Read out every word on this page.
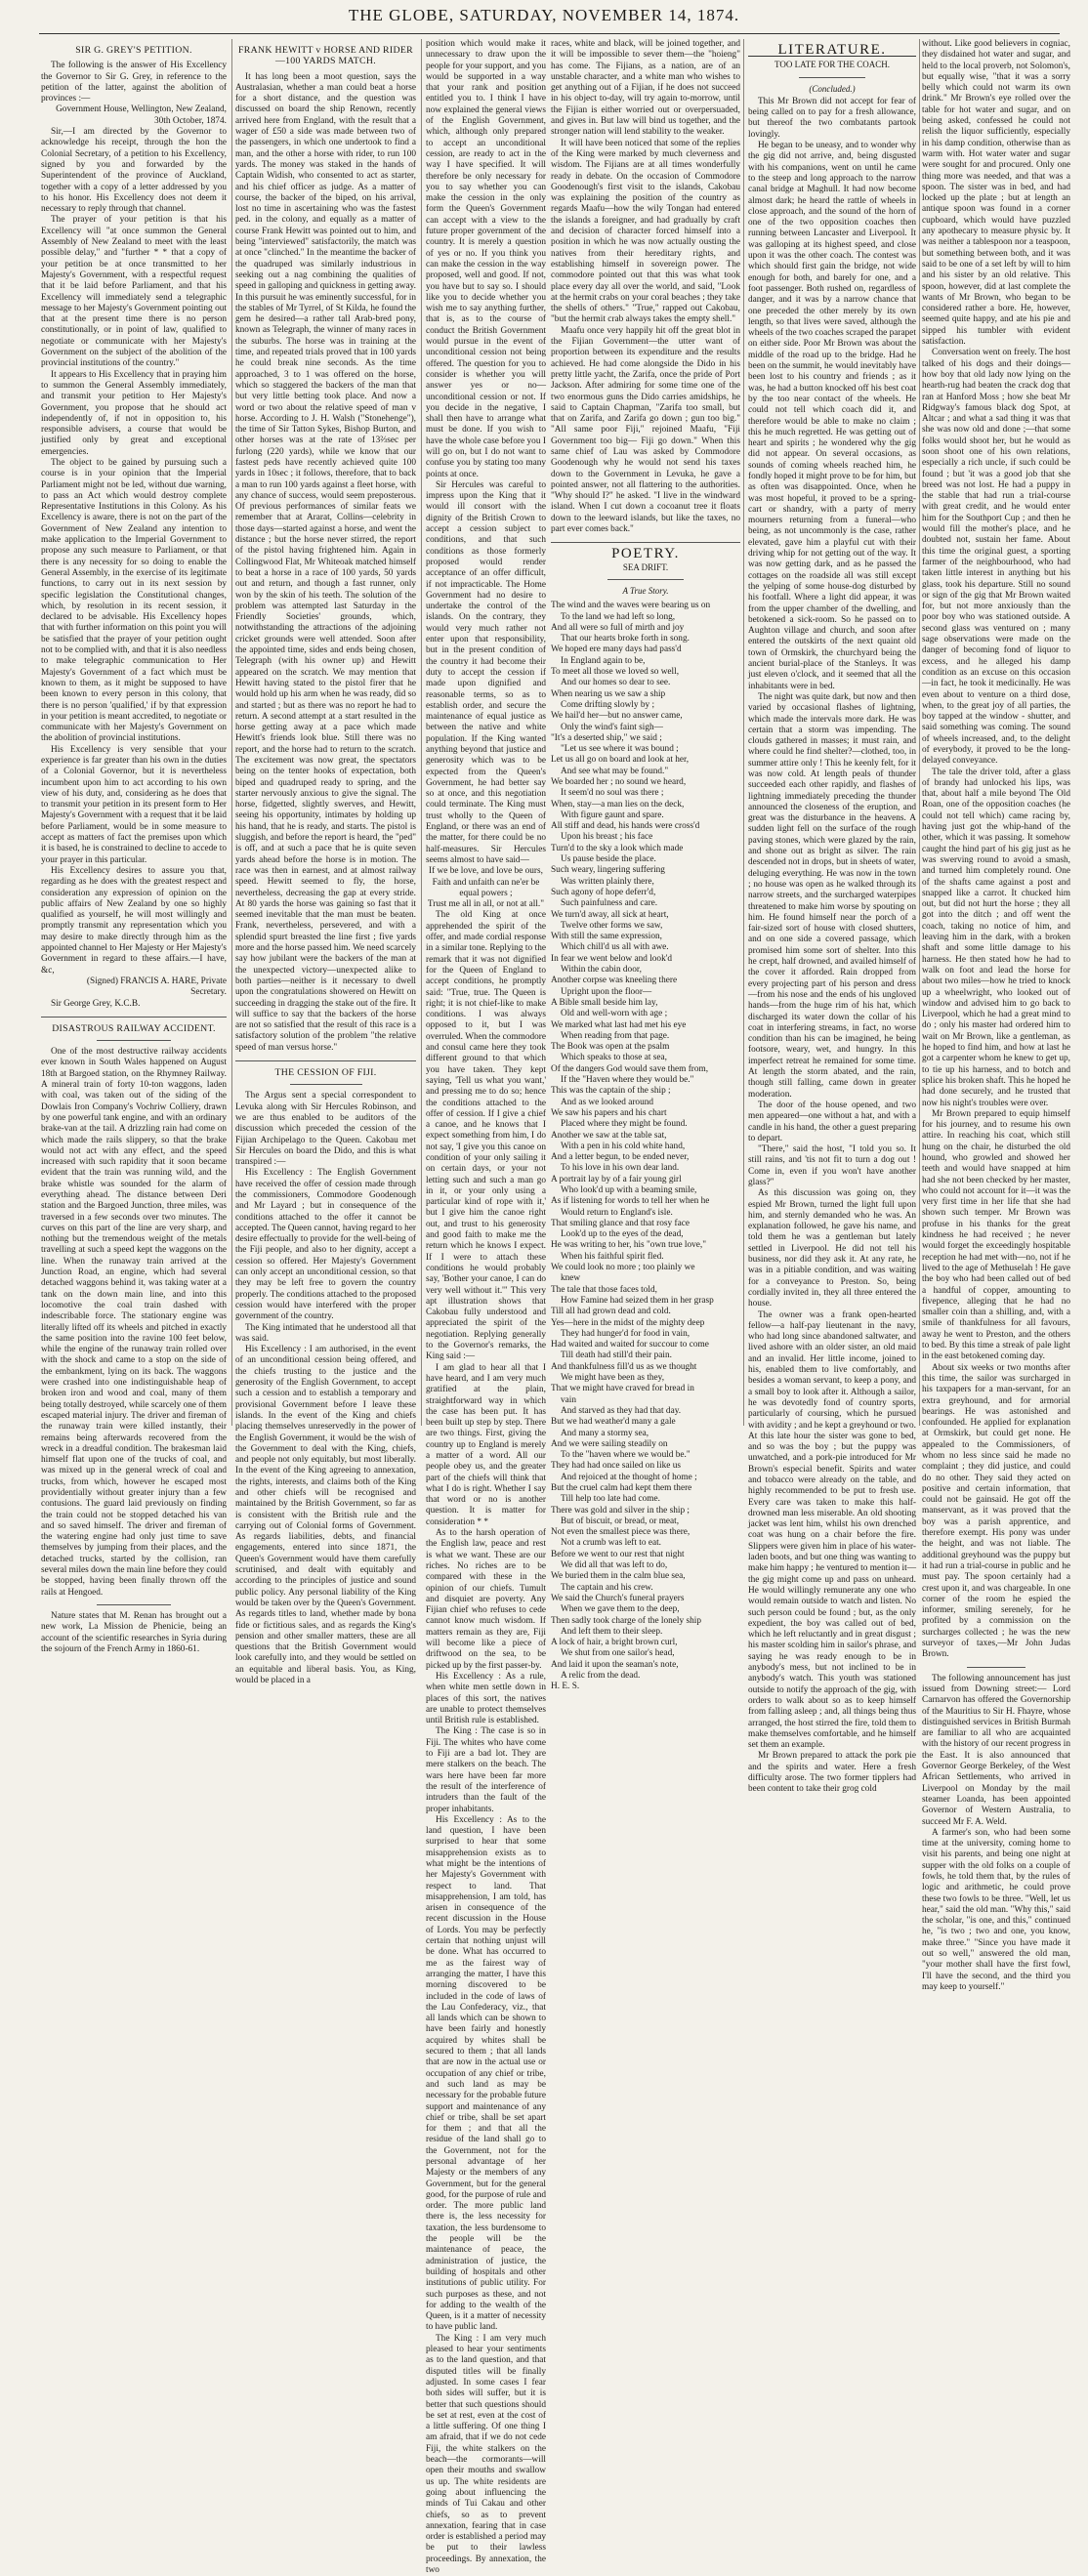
THE GLOBE, SATURDAY, NOVEMBER 14, 1874.
SIR G. GREY'S PETITION.

The following is the answer of His Excellency the Governor to Sir G. Grey, in reference to the petition of the latter, against the abolition of provinces :—

Government House, Wellington, New Zealand, 30th October, 1874.

Sir,—I am directed by the Governor to acknowledge his receipt, through the hon the Colonial Secretary, of a petition to his Excellency, signed by you and forwarded by the Superintendent of the province of Auckland, together with a copy of a letter addressed by you to his honor. His Excellency does not deem it necessary to reply through that channel.

The prayer of your petition is that his Excellency will "at once summon the General Assembly of New Zealand to meet with the least possible delay," and "further * * that a copy of your petition be at once transmitted to her Majesty's Government, with a respectful request that it be laid before Parliament, and that his Excellency will immediately send a telegraphic message to her Majesty's Government pointing out that at the present time there is no person constitutionally, or in point of law, qualified to negotiate or communicate with her Majesty's Government on the subject of the abolition of the provincial institutions of the country."

It appears to His Excellency that in praying him to summon the General Assembly immediately, and transmit your petition to Her Majesty's Government, you propose that he should act independently of, if not in opposition to, his responsible advisers, a course that would be justified only by great and exceptional emergencies.

The object to be gained by pursuing such a course is in your opinion that the Imperial Parliament might not be led, without due warning, to pass an Act which would destroy complete Representative Institutions in this Colony. As his Excellency is aware, there is not on the part of the Government of New Zealand any intention to make application to the Imperial Government to propose any such measure to Parliament, or that there is any necessity for so doing to enable the General Assembly, in the exercise of its legitimate functions, to carry out in its next session by specific legislation the Constitutional changes, which, by resolution in its recent session, it declared to be advisable. His Excellency hopes that with further information on this point you will be satisfied that the prayer of your petition ought not to be complied with, and that it is also needless to make telegraphic communication to Her Majesty's Government of a fact which must be known to them, as it might be supposed to have been known to every person in this colony, that there is no person 'qualified,' if by that expression in your petition is meant accredited, to negotiate or communicate with her Majesty's Government on the abolition of provincial institutions.

His Excellency is very sensible that your experience is far greater than his own in the duties of a Colonial Governor, but it is nevertheless incumbent upon him to act according to his own view of his duty, and, considering as he does that to transmit your petition in its present form to Her Majesty's Government with a request that it be laid before Parliament, would be in some measure to accept as matters of fact the premises upon which it is based, he is constrained to decline to accede to your prayer in this particular.

His Excellency desires to assure you that, regarding as he does with the greatest respect and consideration any expression of opinion on the public affairs of New Zealand by one so highly qualified as yourself, he will most willingly and promptly transmit any representation which you may desire to make directly through him as the appointed channel to Her Majesty or Her Majesty's Government in regard to these affairs.—I have, &c,

(Signed) FRANCIS A. HARE, Private Secretary.

Sir George Grey, K.C.B.

DISASTROUS RAILWAY ACCIDENT.

One of the most destructive railway accidents ever known in South Wales happened on August 18th at Bargoed station, on the Rhymney Railway. A mineral train of forty 10-ton waggons, laden with coal, was taken out of the siding of the Dowlais Iron Company's Vochriw Colliery, drawn by one powerful tank engine, and with an ordinary brake-van at the tail. A drizzling rain had come on which made the rails slippery, so that the brake would not act with any effect, and the speed increased with such rapidity that it soon became evident that the train was running wild, and the brake whistle was sounded for the alarm of everything ahead. The distance between Deri station and the Bargoed Junction, three miles, was traversed in a few seconds over two minutes. The curves on this part of the line are very sharp, and nothing but the tremendous weight of the metals travelling at such a speed kept the waggons on the line. When the runaway train arrived at the Junction Road, an engine, which had several detached waggons behind it, was taking water at a tank on the down main line, and into this locomotive the coal train dashed with indescribable force. The stationary engine was literally lifted off its wheels and pitched in exactly the same position into the ravine 100 feet below, while the engine of the runaway train rolled over with the shock and came to a stop on the side of the embankment, lying on its back. The waggons were crashed into one indistinguishable heap of broken iron and wood and coal, many of them being totally destroyed, while scarcely one of them escaped material injury. The driver and fireman of the runaway train were killed instantly, their remains being afterwards recovered from the wreck in a dreadful condition. The brakesman laid himself flat upon one of the trucks of coal, and was mixed up in the general wreck of coal and trucks, from which, however he escaped most providentially without greater injury than a few contusions. The guard laid previously on finding the train could not be stopped detached his van and so saved himself. The driver and fireman of the watering engine had only just time to save themselves by jumping from their places, and the detached trucks, started by the collision, ran several miles down the main line before they could be stopped, having been finally thrown off the rails at Hengoed.

Nature states that M. Renan has brought out a new work, La Mission de Phenicie, being an account of the scientific researches in Syria during the sojourn of the French Army in 1860-61.

FRANK HEWITT v HORSE AND RIDER—100 YARDS MATCH.

It has long been a moot question, says the Australasian, whether a man could beat a horse for a short distance, and the question was discussed on board the ship Renown, recently arrived here from England, with the result that a wager of £50 a side was made between two of the passengers, in which one undertook to find a man, and the other a horse with rider, to run 100 yards. The money was staked in the hands of Captain Widish, who consented to act as starter, and his chief officer as judge. As a matter of course, the backer of the biped, on his arrival, lost no time in ascertaining who was the fastest ped. in the colony, and equally as a matter of course Frank Hewitt was pointed out to him, and being "interviewed" satisfactorily, the match was at once "clinched." In the meantime the backer of the quadruped was similarly industrious in seeking out a nag combining the qualities of speed in galloping and quickness in getting away. In this pursuit he was eminently successful, for in the stables of Mr Tyrrel, of St Kilda, he found the gem he desired—a rather tall Arab-bred pony, known as Telegraph, the winner of many races in the suburbs. The horse was in training at the time, and repeated trials proved that in 100 yards he could break nine seconds. As the time approached, 3 to 1 was offered on the horse, which so staggered the backers of the man that but very little betting took place. And now a word or two about the relative speed of man v horse. According to J. H. Walsh ("Stonehenge"), the time of Sir Tatton Sykes, Bishop Burton, and other horses was at the rate of 13⅔sec per furlong (220 yards), while we know that our fastest peds have recently achieved quite 100 yards in 10sec ; it follows, therefore, that to back a man to run 100 yards against a fleet horse, with any chance of success, would seem preposterous. Of previous performances of similar feats we remember that at Ararat, Collins—celebrity in those days—started against a horse, and went the distance ; but the horse never stirred, the report of the pistol having frightened him. Again in Collingwood Flat, Mr Whiteoak matched himself to beat a horse in a race of 100 yards, 50 yards out and return, and though a fast runner, only won by the skin of his teeth. The solution of the problem was attempted last Saturday in the Friendly Societies' grounds, which, notwithstanding the attractions of the adjoining cricket grounds were well attended. Soon after the appointed time, sides and ends being chosen, Telegraph (with his owner up) and Hewitt appeared on the scratch. We may mention that Hewitt having stated to the pistol firer that he would hold up his arm when he was ready, did so and started ; but as there was no report he had to return. A second attempt at a start resulted in the horse getting away at a pace which made Hewitt's friends look blue. Still there was no report, and the horse had to return to the scratch. The excitement was now great, the spectators being on the tenter hooks of expectation, both biped and quadruped ready to spring, and the starter nervously anxious to give the signal. The horse, fidgetted, slightly swerves, and Hewitt, seeing his opportunity, intimates by holding up his hand, that he is ready, and starts. The pistol is sluggish, and before the report is heard, the "ped" is off, and at such a pace that he is quite seven yards ahead before the horse is in motion. The race was then in earnest, and at almost railway speed. Hewitt seemed to fly, the horse, nevertheless, decreasing the gap at every stride. At 80 yards the horse was gaining so fast that it seemed inevitable that the man must be beaten. Frank, nevertheless, persevered, and with a splendid spurt breasted the line first ; five yards more and the horse passed him. We need scarcely say how jubilant were the backers of the man at the unexpected victory—unexpected alike to both parties—neither is it necessary to dwell upon the congratulations showered on Hewitt on succeeding in dragging the stake out of the fire. It will suffice to say that the backers of the horse are not so satisfied that the result of this race is a satisfactory solution of the problem "the relative speed of man versus horse."

THE CESSION OF FIJI.

The Argus sent a special correspondent to Levuka along with Sir Hercules Robinson, and we are thus enabled to be auditors of the discussion which preceded the cession of the Fijian Archipelago to the Queen. Cakobau met Sir Hercules on board the Dido, and this is what transpired :—

His Excellency : The English Government have received the offer of cession made through the commissioners, Commodore Goodenough and Mr Layard ; but in consequence of the conditions attached to the offer it cannot be accepted. The Queen cannot, having regard to her desire effectually to provide for the well-being of the Fiji people, and also to her dignity, accept a cession so offered. Her Majesty's Government can only accept an unconditional cession, so that they may be left free to govern the country properly. The conditions attached to the proposed cession would have interfered with the proper government of the country.

The King intimated that he understood all that was said.

His Excellency : I am authorised, in the event of an unconditional cession being offered, and the chiefs trusting to the justice and the generosity of the English Government, to accept such a cession and to establish a temporary and provisional Government before I leave these islands. In the event of the King and chiefs placing themselves unreservedly in the power of the English Government, it would be the wish of the Government to deal with the King, chiefs, and people not only equitably, but most liberally. In the event of the King agreeing to annexation, the rights, interests, and claims both of the King and other chiefs will be recognised and maintained by the British Government, so far as is consistent with the British rule and the carrying out of Colonial forms of Government. As regards liabilities, debts, and financial engagements, entered into since 1871, the Queen's Government would have them carefully scrutinised, and dealt with equitably and according to the principles of justice and sound public policy. Any personal liability of the King would be taken over by the Queen's Government. As regards titles to land, whether made by bona fide or fictitious sales, and as regards the King's pension and other smaller matters, these are all questions that the British Government would look carefully into, and they would be settled on an equitable and liberal basis. You, as King, would be placed in a

position which would make it unnecessary to draw upon the people for your support, and you would be supported in a way that your rank and position entitled you to. I think I have now explained the general views of the English Government, which, although only prepared to accept an unconditional cession, are ready to act in the way I have specified. It will therefore be only necessary for you to say whether you can make the cession in the only form the Queen's Government can accept with a view to the future proper government of the country. It is merely a question of yes or no. If you think you can make the cession in the way proposed, well and good. If not, you have but to say so. I should like you to decide whether you wish me to say anything further, that is, as to the course of conduct the British Government would pursue in the event of unconditional cession not being offered. The question for you to consider is whether you will answer yes or no—unconditional cession or not. If you decide in the negative, I shall then have to arrange what must be done. If you wish to have the whole case before you I will go on, but I do not want to confuse you by stating too many points at once.

Sir Hercules was careful to impress upon the King that it would ill consort with the dignity of the British Crown to accept a cession subject to conditions, and that such conditions as those formerly proposed would render acceptance of an offer difficult, if not impracticable. The Home Government had no desire to undertake the control of the islands. On the contrary, they would very much rather not enter upon that responsibility, but in the present condition of the country it had become their duty to accept the cession if made upon dignified and reasonable terms, so as to establish order, and secure the maintenance of equal justice as between the native and white population. If the King wanted anything beyond that justice and generosity which was to be expected from the Queen's Government, he had better say so at once, and this negotiation could terminate. The King must trust wholly to the Queen of England, or there was an end of the matter, for there could be no half-measures. Sir Hercules seems almost to have said—

If we be love, and love be ours,

Faith and unfaith can ne'er be equal powers ;

Trust me all in all, or not at all."

The old King at once apprehended the spirit of the offer, and made cordial response in a similar tone. Replying to the remark that it was not dignified for the Queen of England to accept conditions, he promptly said: "True, true. The Queen is right; it is not chief-like to make conditions. I was always opposed to it, but I was overruled. When the commodore and consul came here they took different ground to that which you have taken. They kept saying, 'Tell us what you want,' and pressing me to do so; hence the conditions attached to the offer of cession. If I give a chief a canoe, and he knows that I expect something from him, I do not say, 'I give you this canoe on condition of your only sailing it on certain days, or your not letting such and such a man go in it, or your only using a particular kind of rope with it,' but I give him the canoe right out, and trust to his generosity and good faith to make me the return which he knows I expect. If I were to attach these conditions he would probably say, 'Bother your canoe, I can do very well without it.'" This very apt illustration shows that Cakobau fully understood and appreciated the spirit of the negotiation. Replying generally to the Governor's remarks, the King said :—

I am glad to hear all that I have heard, and I am very much gratified at the plain, straightforward way in which the case has been put. It has been built up step by step. There are two things. First, giving the country up to England is merely a matter of a word. All our people obey us, and the greater part of the chiefs will think that what I do is right. Whether I say that word or no is another question. It is matter for consideration * *

As to the harsh operation of the English law, peace and rest is what we want. These are our riches. No riches are to be compared with these in the opinion of our chiefs. Tumult and disquiet are poverty. Any Fijian chief who refuses to cede cannot know much wisdom. If matters remain as they are, Fiji will become like a piece of driftwood on the sea, to be picked up by the first passer-by.

His Excellency : As a rule, when white men settle down in places of this sort, the natives are unable to protect themselves until British rule is established.

The King : The case is so in Fiji. The whites who have come to Fiji are a bad lot. They are mere stalkers on the beach. The wars here have been far more the result of the interference of intruders than the fault of the proper inhabitants.

His Excellency : As to the land question, I have been surprised to hear that some misapprehension exists as to what might be the intentions of her Majesty's Government with respect to land. That misapprehension, I am told, has arisen in consequence of the recent discussion in the House of Lords. You may be perfectly certain that nothing unjust will be done. What has occurred to me as the fairest way of arranging the matter, I have this morning discovered to be included in the code of laws of the Lau Confederacy, viz., that all lands which can be shown to have been fairly and honestly acquired by whites shall be secured to them ; that all lands that are now in the actual use or occupation of any chief or tribe, and such land as may be necessary for the probable future support and maintenance of any chief or tribe, shall be set apart for them ; and that all the residue of the land shall go to the Government, not for the personal advantage of her Majesty or the members of any Government, but for the general good, for the purpose of rule and order. The more public land there is, the less necessity for taxation, the less burdensome to the people will be the maintenance of peace, the administration of justice, the building of hospitals and other institutions of public utility. For such purposes as these, and not for adding to the wealth of the Queen, is it a matter of necessity to have public land.

The King : I am very much pleased to hear your sentiments as to the land question, and that disputed titles will be finally adjusted. In some cases I fear both sides will suffer, but it is better that such questions should be set at rest, even at the cost of a little suffering. Of one thing I am afraid, that if we do not cede Fiji, the white stalkers on the beach—the cormorants—will open their mouths and swallow us up. The white residents are going about influencing the minds of Tui Cakau and other chiefs, so as to prevent annexation, fearing that in case order is established a period may be put to their lawless proceedings. By annexation, the two

races, white and black, will be joined together, and it will be impossible to sever them—the "hoieng" has come. The Fijians, as a nation, are of an unstable character, and a white man who wishes to get anything out of a Fijian, if he does not succeed in his object to-day, will try again to-morrow, until the Fijian is either worried out or overpersuaded, and gives in. But law will bind us together, and the stronger nation will lend stability to the weaker.

It will have been noticed that some of the replies of the King were marked by much cleverness and wisdom. The Fijians are at all times wonderfully ready in debate. On the occasion of Commodore Goodenough's first visit to the islands, Cakobau was explaining the position of the country as regards Maafu—how the wily Tongan had entered the islands a foreigner, and had gradually by craft and decision of character forced himself into a position in which he was now actually ousting the natives from their hereditary rights, and establishing himself in sovereign power. The commodore pointed out that this was what took place every day all over the world, and said, "Look at the hermit crabs on your coral beaches ; they take the shells of others." "True," rapped out Cakobau, "but the hermit crab always takes the empty shell."

Maafu once very happily hit off the great blot in the Fijian Government—the utter want of proportion between its expenditure and the results achieved. He had come alongside the Dido in his pretty little yacht, the Zarifa, once the pride of Port Jackson. After admiring for some time one of the two enormous guns the Dido carries amidships, he said to Captain Chapman, "Zarifa too small, but that on Zarifa, and Zarifa go down ; gun too big." "All same poor Fiji," rejoined Maafu, "Fiji Government too big— Fiji go down." When this same chief of Lau was asked by Commodore Goodenough why he would not send his taxes down to the Government in Levuka, he gave a pointed answer, not all flattering to the authorities. "Why should I?" he asked. "I live in the windward island. When I cut down a cocoanut tree it floats down to the leeward islands, but like the taxes, no part ever comes back."

POETRY.
SEA DRIFT.
A True Story.

The wind and the waves were bearing us on

To the land we had left so long,

And all were so full of mirth and joy

That our hearts broke forth in song.

We hoped ere many days had pass'd

In England again to be,

To meet all those we loved so well,

And our homes so dear to see.

When nearing us we saw a ship

Come drifting slowly by ;

We hail'd her—but no answer came,

Only the wind's faint sigh—

"It's a deserted ship," we said ;

"Let us see where it was bound ;

Let us all go on board and look at her,

And see what may be found."

We boarded her ; no sound we heard,

It seem'd no soul was there ;

When, stay—a man lies on the deck,

With figure gaunt and spare.

All stiff and dead, his hands were cross'd

Upon his breast ; his face

Turn'd to the sky a look which made

Us pause beside the place.

Such weary, lingering suffering

Was written plainly there,

Such agony of hope deferr'd,

Such painfulness and care.

We turn'd away, all sick at heart,

Twelve other forms we saw,

With still the same expression,

Which chill'd us all with awe.

In fear we went below and look'd

Within the cabin door,

Another corpse was kneeling there

Upright upon the floor—

A Bible small beside him lay,

Old and well-worn with age ;

We marked what last had met his eye

When reading from that page.

The Book was open at the psalm

Which speaks to those at sea,

Of the dangers God would save them from,

If the "Haven where they would be."

This was the captain of the ship ;

And as we looked around

We saw his papers and his chart

Placed where they might be found.

Another we saw at the table sat,

With a pen in his cold white hand,

And a letter begun, to be ended never,

To his love in his own dear land.

A portrait lay by of a fair young girl

Who look'd up with a beaming smile,

As if listening for words to tell her when he

Would return to England's isle.

That smiling glance and that rosy face

Look'd up to the eyes of the dead,

He was writing to her, his "own true love,"

When his faithful spirit fled.

We could look no more ; too plainly we

knew

The tale that those faces told,

How Famine had seized them in her grasp

Till all had grown dead and cold.

Yes—here in the midst of the mighty deep

They had hunger'd for food in vain,

Had waited and waited for succour to come

Till death had still'd their pain.

And thankfulness fill'd us as we thought

We might have been as they,

That we might have craved for bread in

vain

And starved as they had that day.

But we had weather'd many a gale

And many a stormy sea,

And we were sailing steadily on

To the "haven where we would be."

They had had once sailed on like us

And rejoiced at the thought of home ;

But the cruel calm had kept them there

Till help too late had come.

There was gold and silver in the ship ;

But of biscuit, or bread, or meat,

Not even the smallest piece was there,

Not a crumb was left to eat.

Before we went to our rest that night

We did all that was left to do,

We buried them in the calm blue sea,

The captain and his crew.

We said the Church's funeral prayers

When we gave them to the deep,

Then sadly took charge of the lonely ship

And left them to their sleep.

A lock of hair, a bright brown curl,

We shut from one sailor's head,

And laid it upon the seaman's note,

A relic from the dead.

H. E. S.

LITERATURE.
TOO LATE FOR THE COACH.
(Concluded.)

This Mr Brown did not accept for fear of being called on to pay for a fresh allowance, but thereof the two combatants partook lovingly.

He began to be uneasy, and to wonder why the gig did not arrive, and, being disgusted with his companions, went on until he came to the steep and long approach to the narrow canal bridge at Maghull. It had now become almost dark; he heard the rattle of wheels in close approach, and the sound of the horn of one of the two opposition coaches then running between Lancaster and Liverpool. It was galloping at its highest speed, and close upon it was the other coach. The contest was which should first gain the bridge, not wide enough for both, and barely for one, and a foot passenger. Both rushed on, regardless of danger, and it was by a narrow chance that one preceded the other merely by its own length, so that lives were saved, although the wheels of the two coaches scraped the parapet on either side. Poor Mr Brown was about the middle of the road up to the bridge. Had he been on the summit, he would inevitably have been lost to his country and friends ; as it was, he had a button knocked off his best coat by the too near contact of the wheels. He could not tell which coach did it, and therefore would be able to make no claim ; this he much regretted. He was getting out of heart and spirits ; he wondered why the gig did not appear. On several occasions, as sounds of coming wheels reached him, he fondly hoped it might prove to be for him, but as often was disappointed. Once, when he was most hopeful, it proved to be a spring-cart or shandry, with a party of merry mourners returning from a funeral—who being, as not uncommonly is the case, rather elevated, gave him a playful cut with their driving whip for not getting out of the way. It was now getting dark, and as he passed the cottages on the roadside all was still except the yelping of some house-dog disturbed by his footfall. Where a light did appear, it was from the upper chamber of the dwelling, and betokened a sick-room. So he passed on to Aughton village and church, and soon after entered the outskirts of the next quaint old town of Ormskirk, the churchyard being the ancient burial-place of the Stanleys. It was just eleven o'clock, and it seemed that all the inhabitants were in bed.

The night was quite dark, but now and then varied by occasional flashes of lightning, which made the intervals more dark. He was certain that a storm was impending. The clouds gathered in masses; it must rain, and where could he find shelter?—clothed, too, in summer attire only ! This he keenly felt, for it was now cold. At length peals of thunder succeeded each other rapidly, and flashes of lightning immediately preceding the thunder announced the closeness of the eruption, and great was the disturbance in the heavens. A sudden light fell on the surface of the rough paving stones, which were glazed by the rain, and shone out as bright as silver. The rain descended not in drops, but in sheets of water, deluging everything. He was now in the town ; no house was open as he walked through its narrow streets, and the surcharged waterpipes threatened to make him worse by spouting on him. He found himself near the porch of a fair-sized sort of house with closed shutters, and on one side a covered passage, which promised him some sort of shelter. Into this he crept, half drowned, and availed himself of the cover it afforded. Rain dropped from every projecting part of his person and dress—from his nose and the ends of his ungloved hands—from the huge rim of his hat, which discharged its water down the collar of his coat in interfering streams, in fact, no worse condition than his can be imagined, he being footsore, weary, wet, and hungry. In this imperfect retreat he remained for some time. At length the storm abated, and the rain, though still falling, came down in greater moderation.

The door of the house opened, and two men appeared—one without a hat, and with a candle in his hand, the other a guest preparing to depart.

"There," said the host, "I told you so. It still rains, and 'tis not fit to turn a dog out ! Come in, even if you won't have another glass?"

As this discussion was going on, they espied Mr Brown, turned the light full upon him, and sternly demanded who he was. An explanation followed, he gave his name, and told them he was a gentleman but lately settled in Liverpool. He did not tell his business, nor did they ask it. At any rate, he was in a pitiable condition, and was waiting for a conveyance to Preston. So, being cordially invited in, they all three entered the house.

The owner was a frank open-hearted fellow—a half-pay lieutenant in the navy, who had long since abandoned saltwater, and lived ashore with an older sister, an old maid and an invalid. Her little income, joined to his, enabled them to live comfortably, and besides a woman servant, to keep a pony, and a small boy to look after it. Although a sailor, he was devotedly fond of country sports, particularly of coursing, which he pursued with avidity ; and he kept a greyhound or two. At this late hour the sister was gone to bed, and so was the boy ; but the puppy was unwatched, and a pork-pie introduced for Mr Brown's especial benefit. Spirits and water and tobacco were already on the table, and highly recommended to be put to fresh use. Every care was taken to make this half-drowned man less miserable. An old shooting jacket was lent him, whilst his own drenched coat was hung on a chair before the fire. Slippers were given him in place of his water-laden boots, and but one thing was wanting to make him happy ; he ventured to mention it—the gig might come up and pass on unheard. He would willingly remunerate any one who would remain outside to watch and listen. No such person could be found ; but, as the only expedient, the boy was called out of bed, which he left reluctantly and in great disgust ; his master scolding him in sailor's phrase, and saying he was ready enough to be in anybody's mess, but not inclined to be in anybody's watch. This youth was stationed outside to notify the approach of the gig, with orders to walk about so as to keep himself from falling asleep ; and, all things being thus arranged, the host stirred the fire, told them to make themselves comfortable, and he himself set them an example.

Mr Brown prepared to attack the pork pie and the spirits and water. Here a fresh difficulty arose. The two former tipplers had been content to take their grog cold

without. Like good believers in cogniac, they disdained hot water and sugar, and held to the local proverb, not Solomon's, but equally wise, "that it was a sorry belly which could not warm its own drink." Mr Brown's eye rolled over the table for hot water and sugar, and on being asked, confessed he could not relish the liquor sufficiently, especially in his damp condition, otherwise than as warm with. Hot water water and sugar were sought for and procured. Only one thing more was needed, and that was a spoon. The sister was in bed, and had locked up the plate ; but at length an antique spoon was found in a corner cupboard, which would have puzzled any apothecary to measure physic by. It was neither a tablespoon nor a teaspoon, but something between both, and it was said to be one of a set left by will to him and his sister by an old relative. This spoon, however, did at last complete the wants of Mr Brown, who began to be considered rather a bore. He, however, seemed quite happy, and ate his pie and sipped his tumbler with evident satisfaction.

Conversation went on freely. The host talked of his dogs and their doings—how boy that old lady now lying on the hearth-rug had beaten the crack dog that ran at Hanford Moss ; how she beat Mr Ridgway's famous black dog Spot, at Altcar ; and what a sad thing it was that she was now old and done ;—that some folks would shoot her, but he would as soon shoot one of his own relations, especially a rich uncle, if such could be found ; but 'it was a good job that she breed was not lost. He had a puppy in the stable that had run a trial-course with great credit, and he would enter him for the Southport Cup ; and then he would fill the mother's place, and he doubted not, sustain her fame. About this time the original guest, a sporting farmer of the neighbourhood, who had taken little interest in anything but his glass, took his departure. Still no sound or sign of the gig that Mr Brown waited for, but not more anxiously than the poor boy who was stationed outside. A second glass was ventured on ; many sage observations were made on the danger of becoming fond of liquor to excess, and he alleged his damp condition as an excuse on this occasion—in fact, he took it medicinally. He was even about to venture on a third dose, when, to the great joy of all parties, the boy tapped at the window - shutter, and said something was coming. The sound of wheels increased, and, to the delight of everybody, it proved to be the long-delayed conveyance.

The tale the driver told, after a glass of brandy had unlocked his lips, was that, about half a mile beyond The Old Roan, one of the opposition coaches (he could not tell which) came racing by, having just got the whip-hand of the other, which it was passing. It somehow caught the hind part of his gig just as he was swerving round to avoid a smash, and turned him completely round. One of the shafts came against a post and snapped like a carrot. It chucked him out, but did not hurt the horse ; they all got into the ditch ; and off went the coach, taking no notice of him, and leaving him in the dark, with a broken shaft and some little damage to his harness. He then stated how he had to walk on foot and lead the horse for about two miles—how he tried to knock up a wheelwright, who looked out of window and advised him to go back to Liverpool, which he had a great mind to do ; only his master had ordered him to wait on Mr Brown, like a gentleman, as he hoped to find him, and how at last he got a carpenter whom he knew to get up, to tie up his harness, and to botch and splice his broken shaft. This he hoped he had done securely, and he trusted that now his night's troubles were over.

Mr Brown prepared to equip himself for his journey, and to resume his own attire. In reaching his coat, which still hung on the chair, he disturbed the old hound, who growled and showed her teeth and would have snapped at him had she not been checked by her master, who could not account for it—it was the very first time in her life that she had shown such temper. Mr Brown was profuse in his thanks for the great kindness he had received ; he never would forget the exceedingly hospitable reception he had met with—no, not if he lived to the age of Methuselah ! He gave the boy who had been called out of bed a handful of copper, amounting to fivepence, alleging that he had no smaller coin than a shilling, and, with a smile of thankfulness for all favours, away he went to Preston, and the others to bed. By this time a streak of pale light in the east betokened coming day.

About six weeks or two months after this time, the sailor was surcharged in his taxpapers for a man-servant, for an extra greyhound, and for armorial bearings. He was astonished and confounded. He applied for explanation at Ormskirk, but could get none. He appealed to the Commissioners, of whom no less since said he made no complaint ; they did justice, and could do no other. They said they acted on positive and certain information, that could not be gainsaid. He got off the manservant, as it was proved that the boy was a parish apprentice, and therefore exempt. His pony was under the height, and was not liable. The additional greyhound was the puppy but it had run a trial-course in public and he must pay. The spoon certainly had a crest upon it, and was chargeable. In one corner of the room he espied the informer, smiling serenely, for he profited by a commission on the surcharges collected ; he was the new surveyor of taxes,—Mr John Judas Brown.

The following announcement has just issued from Downing street:— Lord Carnarvon has offered the Governorship of the Mauritius to Sir H. Fhayre, whose distinguished services in British Burmah are familiar to all who are acquainted with the history of our recent progress in the East. It is also announced that Governor George Berkeley, of the West African Settlements, who arrived in Liverpool on Monday by the mail steamer Loanda, has been appointed Governor of Western Australia, to succeed Mr F. A. Weld.

A farmer's son, who had been some time at the university, coming home to visit his parents, and being one night at supper with the old folks on a couple of fowls, he told them that, by the rules of logic and arithmetic, he could prove these two fowls to be three. "Well, let us hear," said the old man. "Why this," said the scholar, "is one, and this," continued he, "is two ; two and one, you know, make three." "Since you have made it out so well," answered the old man, "your mother shall have the first fowl, I'll have the second, and the third you may keep to yourself."
